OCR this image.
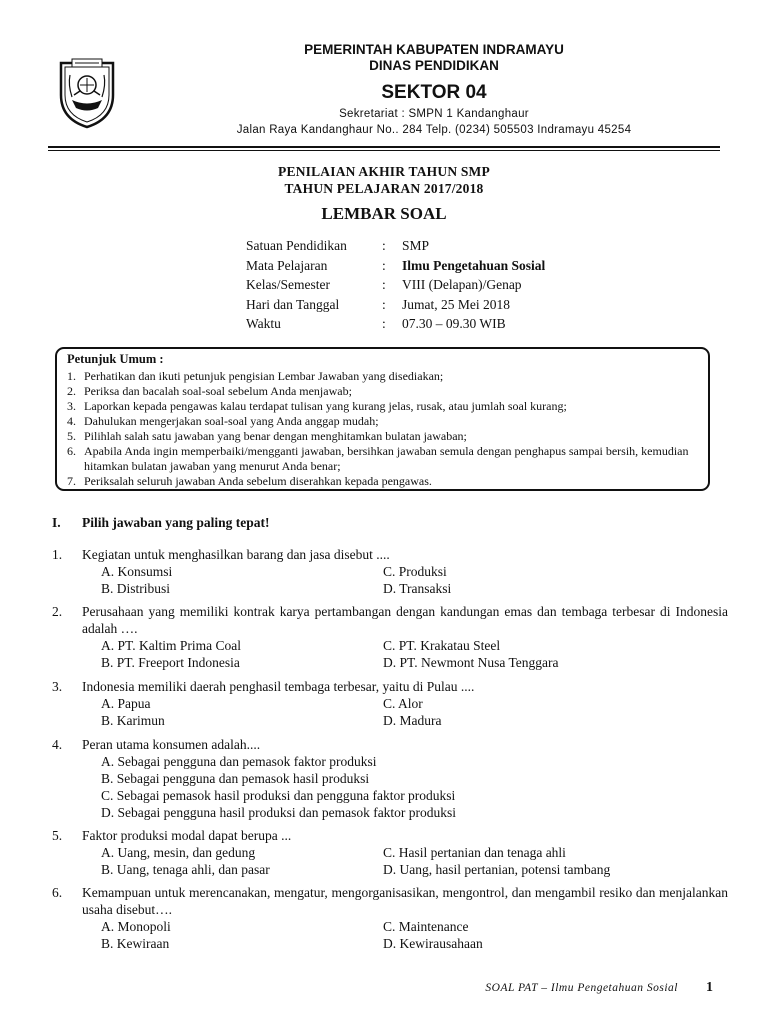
PEMERINTAH KABUPATEN INDRAMAYU
DINAS PENDIDIKAN
SEKTOR 04
Sekretariat : SMPN 1 Kandanghaur
Jalan Raya Kandanghaur No.. 284 Telp. (0234) 505503 Indramayu 45254
PENILAIAN AKHIR TAHUN SMP
TAHUN PELAJARAN 2017/2018
LEMBAR SOAL
Satuan Pendidikan	:	SMP
Mata Pelajaran	:	Ilmu Pengetahuan Sosial
Kelas/Semester	:	VIII (Delapan)/Genap
Hari dan Tanggal	:	Jumat, 25 Mei 2018
Waktu	:	07.30 – 09.30 WIB
Petunjuk Umum :
1. Perhatikan dan ikuti petunjuk pengisian Lembar Jawaban yang disediakan;
2. Periksa dan bacalah soal-soal sebelum Anda menjawab;
3. Laporkan kepada pengawas kalau terdapat tulisan yang kurang jelas, rusak, atau jumlah soal kurang;
4. Dahulukan mengerjakan soal-soal yang Anda anggap mudah;
5. Pilihlah salah satu jawaban yang benar dengan menghitamkan bulatan jawaban;
6. Apabila Anda ingin memperbaiki/mengganti jawaban, bersihkan jawaban semula dengan penghapus sampai bersih, kemudian hitamkan bulatan jawaban yang menurut Anda benar;
7. Periksalah seluruh jawaban Anda sebelum diserahkan kepada pengawas.
I.	Pilih jawaban yang paling tepat!
1.	Kegiatan untuk menghasilkan barang dan jasa disebut ....
A. Konsumsi	C. Produksi
B. Distribusi	D. Transaksi
2.	Perusahaan yang memiliki kontrak karya pertambangan dengan kandungan emas dan tembaga terbesar di Indonesia adalah ….
A. PT. Kaltim Prima Coal	C. PT. Krakatau Steel
B. PT. Freeport Indonesia	D. PT. Newmont Nusa Tenggara
3.	Indonesia memiliki daerah penghasil tembaga terbesar, yaitu di Pulau ....
A. Papua	C. Alor
B. Karimun	D. Madura
4.	Peran utama konsumen adalah....
A. Sebagai pengguna dan pemasok faktor produksi
B. Sebagai pengguna dan pemasok hasil produksi
C. Sebagai pemasok hasil produksi dan pengguna faktor produksi
D. Sebagai pengguna hasil produksi dan pemasok faktor produksi
5.	Faktor produksi modal dapat berupa ...
A. Uang, mesin, dan gedung	C. Hasil pertanian dan tenaga ahli
B. Uang, tenaga ahli, dan pasar	D. Uang, hasil pertanian, potensi tambang
6.	Kemampuan untuk merencanakan, mengatur, mengorganisasikan, mengontrol, dan mengambil resiko dan menjalankan usaha disebut….
A. Monopoli	C. Maintenance
B. Kewiraan	D. Kewirausahaan
SOAL PAT – Ilmu Pengetahuan Sosial 1
